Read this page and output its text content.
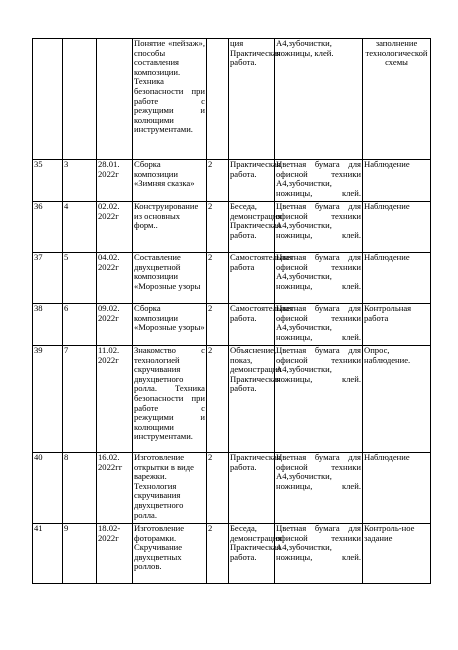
			Понятие «пейзаж», способы составления композиции. Техника безопасности при работе с режущими и колющими инструментами.		ция Практическая работа.	А4,зубочистки, ножницы, клей.	заполнение технологической схемы
35	3	28.01. 2022г	Сборка композиции «Зимняя сказка»	2	Практическая работа.	Цветная бумага для офисной техники А4,зубочистки, ножницы, клей.	Наблюдение
36	4	02.02. 2022г	Конструирование из основных форм..	2	Беседа, демонстрация Практическая работа.	Цветная бумага для офисной техники А4,зубочистки, ножницы, клей.	Наблюдение
37	5	04.02. 2022г	Составление двухцветной композиции «Морозные узоры	2	Самостоятельная работа	Цветная бумага для офисной техники А4,зубочистки, ножницы, клей.	Наблюдение
38	6	09.02. 2022г	Сборка композиции «Морозные узоры»	2	Самостоятельная работа.	Цветная бумага для офисной техники А4,зубочистки, ножницы, клей.	Контрольная работа
39	7	11.02. 2022г	Знакомство с технологией скручивания двухцветного ролла. Техника безопасности при работе с режущими и колющими инструментами.	2	Объяснение, показ, демонстрация Практическая работа.	Цветная бумага для офисной техники А4,зубочистки, ножницы, клей.	Опрос, наблюдение.
40	8	16.02. 2022гг	Изготовление открытки в виде варежки. Технология скручивания двухцветного ролла.	2	Практическая работа.	Цветная бумага для офисной техники А4,зубочистки, ножницы, клей.	Наблюдение
41	9	18.02-2022г	Изготовление фоторамки. Скручивание двухцветных роллов.	2	Беседа, демонстрация Практическая работа.	Цветная бумага для офисной техники А4,зубочистки, ножницы, клей.	Контроль-ное задание
